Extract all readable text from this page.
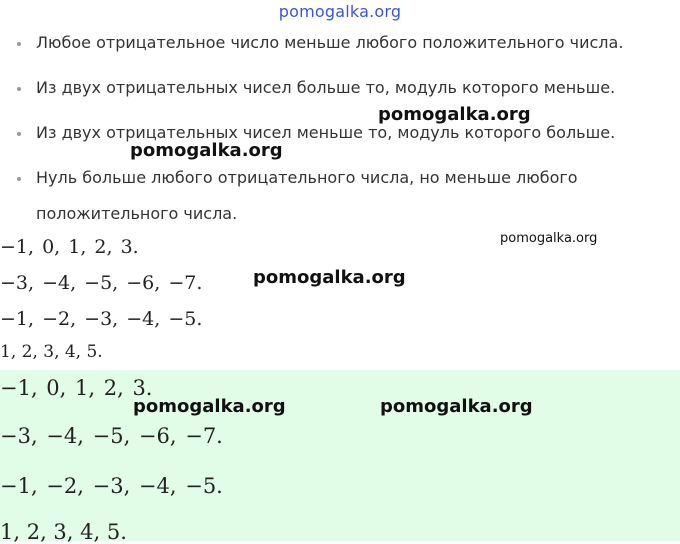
pomogalka.org
Любое отрицательное число меньше любого положительного числа.
Из двух отрицательных чисел больше то, модуль которого меньше.
Из двух отрицательных чисел меньше то, модуль которого больше.
Нуль больше любого отрицательного числа, но меньше любого
положительного числа.
−1, 0, 1, 2, 3.
−3, −4, −5, −6, −7.
−1, −2, −3, −4, −5.
1, 2, 3, 4, 5.
−1, 0, 1, 2, 3.
−3, −4, −5, −6, −7.
−1, −2, −3, −4, −5.
1, 2, 3, 4, 5.
pomogalka.org
pomogalka.org
pomogalka.org
pomogalka.org
pomogalka.org	pomogalka.org
